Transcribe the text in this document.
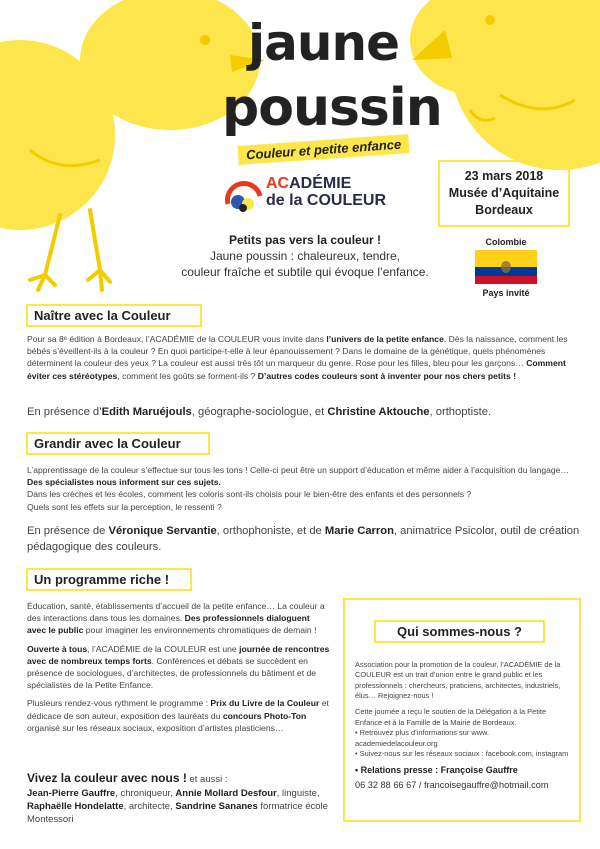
jaune
poussin
Couleur et petite enfance
23 mars 2018
Musée d’Aquitaine
Bordeaux
ACADÉMIE
de la COULEUR
Petits pas vers la couleur !
Jaune poussin : chaleureux, tendre,
couleur fraîche et subtile qui évoque l’enfance.
Colombie
Pays invité
Naître avec la Couleur
Pour sa 8ᵉ édition à Bordeaux, l’ACADÉMIE de la COULEUR vous invite dans l’univers de la petite enfance. Dès la naissance, comment les bébés s’éveillent-ils à la couleur ? En quoi participe-t-elle à leur épanouissement ? Dans le domaine de la génétique, quels phénomènes déterminent la couleur des yeux ? La couleur est aussi très tôt un marqueur du genre. Rose pour les filles, bleu pour les garçons… Comment éviter ces stéréotypes, comment les goûts se forment-ils ? D’autres codes couleurs sont à inventer pour nos chers petits !
En présence d’Edith Maruéjouls, géographe-sociologue, et Christine Aktouche, orthoptiste.
Grandir avec la Couleur
L’apprentissage de la couleur s’effectue sur tous les tons ! Celle-ci peut être un support d’éducation et même aider à l’acquisition du langage… Des spécialistes nous informent sur ces sujets.
Dans les crèches et les écoles, comment les coloris sont-ils choisis pour le bien-être des enfants et des personnels ?
Quels sont les effets sur la perception, le ressenti ?
En présence de Véronique Servantie, orthophoniste, et de Marie Carron, animatrice Psicolor, outil de création pédagogique des couleurs.
Un programme riche !
Éducation, santé, établissements d’accueil de la petite enfance… La couleur a des interactions dans tous les domaines. Des professionnels dialoguent avec le public pour imaginer les environnements chromatiques de demain !
Ouverte à tous, l’ACADÉMIE de la COULEUR est une journée de rencontres avec de nombreux temps forts. Conférences et débats se succèdent en présence de sociologues, d’architectes, de professionnels du bâtiment et de spécialistes de la Petite Enfance.
Plusieurs rendez-vous rythment le programme : Prix du Livre de la Couleur et dédicace de son auteur, exposition des lauréats du concours Photo-Ton organisé sur les réseaux sociaux, exposition d’artistes plasticiens…
Vivez la couleur avec nous ! et aussi :
Jean-Pierre Gauffre, chroniqueur, Annie Mollard Desfour, linguiste, Raphaëlle Hondelatte, architecte, Sandrine Sananes formatrice école Montessori
Qui sommes-nous ?
Association pour la promotion de la couleur, l’ACADÉMIE de la COULEUR est un trait d’union entre le grand public et les professionnels : chercheurs, praticiens, architectes, industriels, élus… Rejoignez-nous !
Cette journée a reçu le soutien de la Délégation à la Petite Enfance et à la Famille de la Mairie de Bordeaux.
• Retrouvez plus d’informations sur www. academiedelacouleur.org
• Suivez-nous sur les réseaux sociaux : facebook.com, instagram
• Relations presse : Françoise Gauffre
06 32 88 66 67 / francoisegauffre@hotmail.com
